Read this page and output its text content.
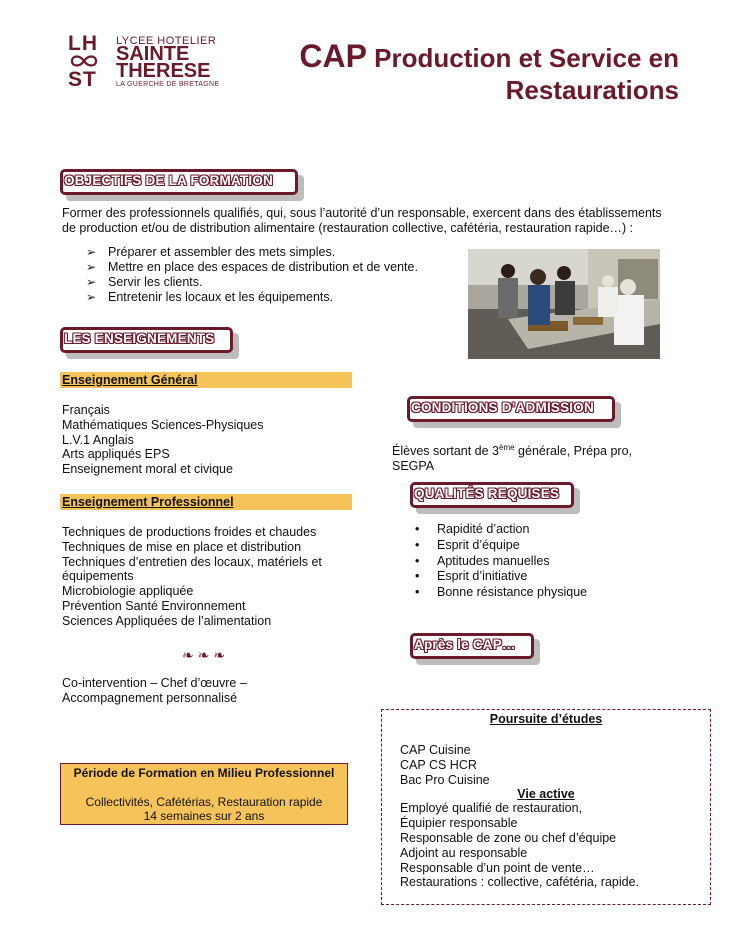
LH
ST
LYCEE HOTELIER
SAINTE
THERESE
LA GUERCHE DE BRETAGNE
CAP Production et Service en
Restaurations
OBJECTIFS DE LA FORMATION
Former des professionnels qualifiés, qui, sous l’autorité d’un responsable, exercent dans des établissements
de production et/ou de distribution alimentaire (restauration collective, cafétéria, restauration rapide…) :
➢ Préparer et assembler des mets simples.
➢ Mettre en place des espaces de distribution et de vente.
➢ Servir les clients.
➢ Entretenir les locaux et les équipements.
LES ENSEIGNEMENTS
Enseignement Général
Français
Mathématiques Sciences-Physiques
L.V.1 Anglais
Arts appliqués EPS
Enseignement moral et civique
Enseignement Professionnel
Techniques de productions froides et chaudes
Techniques de mise en place et distribution
Techniques d’entretien des locaux, matériels et
équipements
Microbiologie appliquée
Prévention Santé Environnement
Sciences Appliquées de l’alimentation
❧ ❧ ❧
Co-intervention – Chef d’œuvre –
Accompagnement personnalisé
Période de Formation en Milieu Professionnel
Collectivités, Cafétérias, Restauration rapide
14 semaines sur 2 ans
CONDITIONS D’ADMISSION
Élèves sortant de 3ème générale, Prépa pro,
SEGPA
QUALITÉS REQUISES
• Rapidité d’action
• Esprit d’équipe
• Aptitudes manuelles
• Esprit d’initiative
• Bonne résistance physique
Après le CAP…
Poursuite d’études
CAP Cuisine
CAP CS HCR
Bac Pro Cuisine
Vie active
Employé qualifié de restauration,
Équipier responsable
Responsable de zone ou chef d’équipe
Adjoint au responsable
Responsable d’un point de vente…
Restaurations : collective, cafétéria, rapide.
